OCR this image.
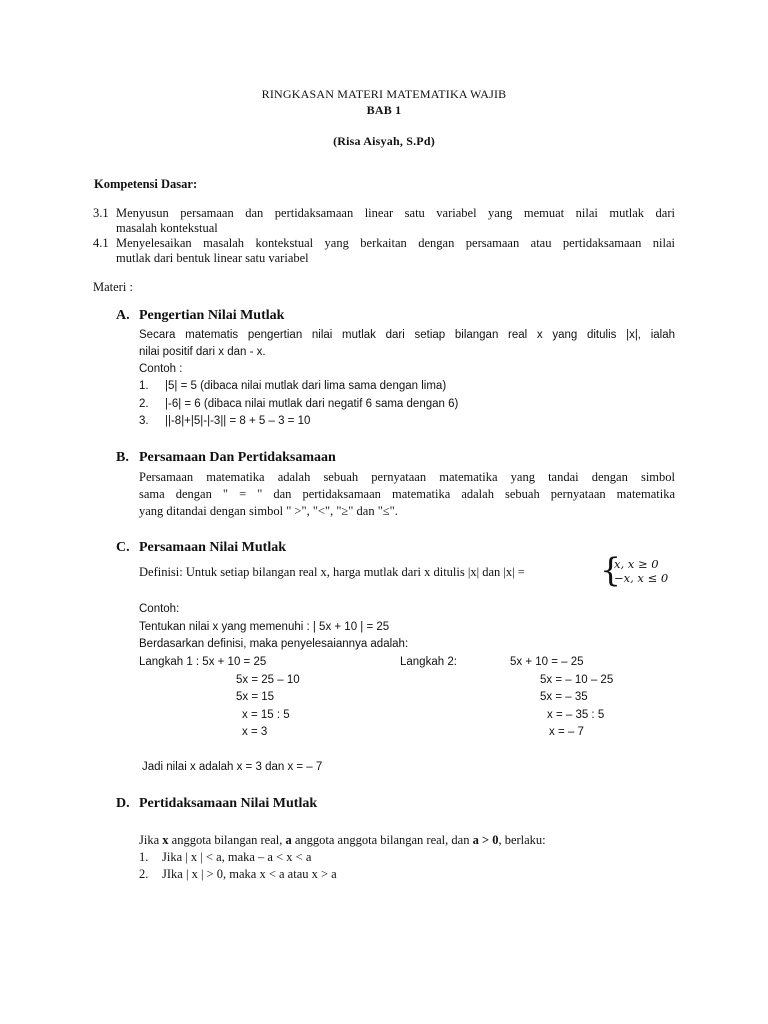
RINGKASAN MATERI MATEMATIKA WAJIB
BAB 1
(Risa Aisyah, S.Pd)
Kompetensi Dasar:
3.1 Menyusun persamaan dan pertidaksamaan linear satu variabel yang memuat nilai mutlak dari
masalah kontekstual
4.1 Menyelesaikan masalah kontekstual yang berkaitan dengan persamaan atau pertidaksamaan nilai
mutlak dari bentuk linear satu variabel
Materi :
A. Pengertian Nilai Mutlak
Secara matematis pengertian nilai mutlak dari setiap bilangan real x yang ditulis |x|, ialah
nilai positif dari x dan - x.
Contoh :
1. |5| = 5 (dibaca nilai mutlak dari lima sama dengan lima)
2. |-6| = 6 (dibaca nilai mutlak dari negatif 6 sama dengan 6)
3. ||-8|+|5|-|-3|| = 8 + 5 – 3 = 10
B. Persamaan Dan Pertidaksamaan
Persamaan matematika adalah sebuah pernyataan matematika yang tandai dengan simbol
sama dengan " = " dan pertidaksamaan matematika adalah sebuah pernyataan matematika
yang ditandai dengan simbol " >", "<", "≥" dan "≤".
C. Persamaan Nilai Mutlak
Definisi: Untuk setiap bilangan real x, harga mutlak dari x ditulis |x| dan |x| = {
x, x ≥ 0
−x, x ≤ 0
Contoh:
Tentukan nilai x yang memenuhi : | 5x + 10 | = 25
Berdasarkan definisi, maka penyelesaiannya adalah:
Langkah 1 : 5x + 10 = 25
5x = 25 – 10
5x = 15
x = 15 : 5
x = 3
Langkah 2:	5x + 10 = – 25
5x = – 10 – 25
5x = – 35
x = – 35 : 5
x = – 7
Jadi nilai x adalah x = 3 dan x = – 7
D. Pertidaksamaan Nilai Mutlak
Jika x anggota bilangan real, a anggota anggota bilangan real, dan a > 0, berlaku:
1. Jika | x | < a, maka – a < x < a
2. JIka | x | > 0, maka x < a atau x > a
